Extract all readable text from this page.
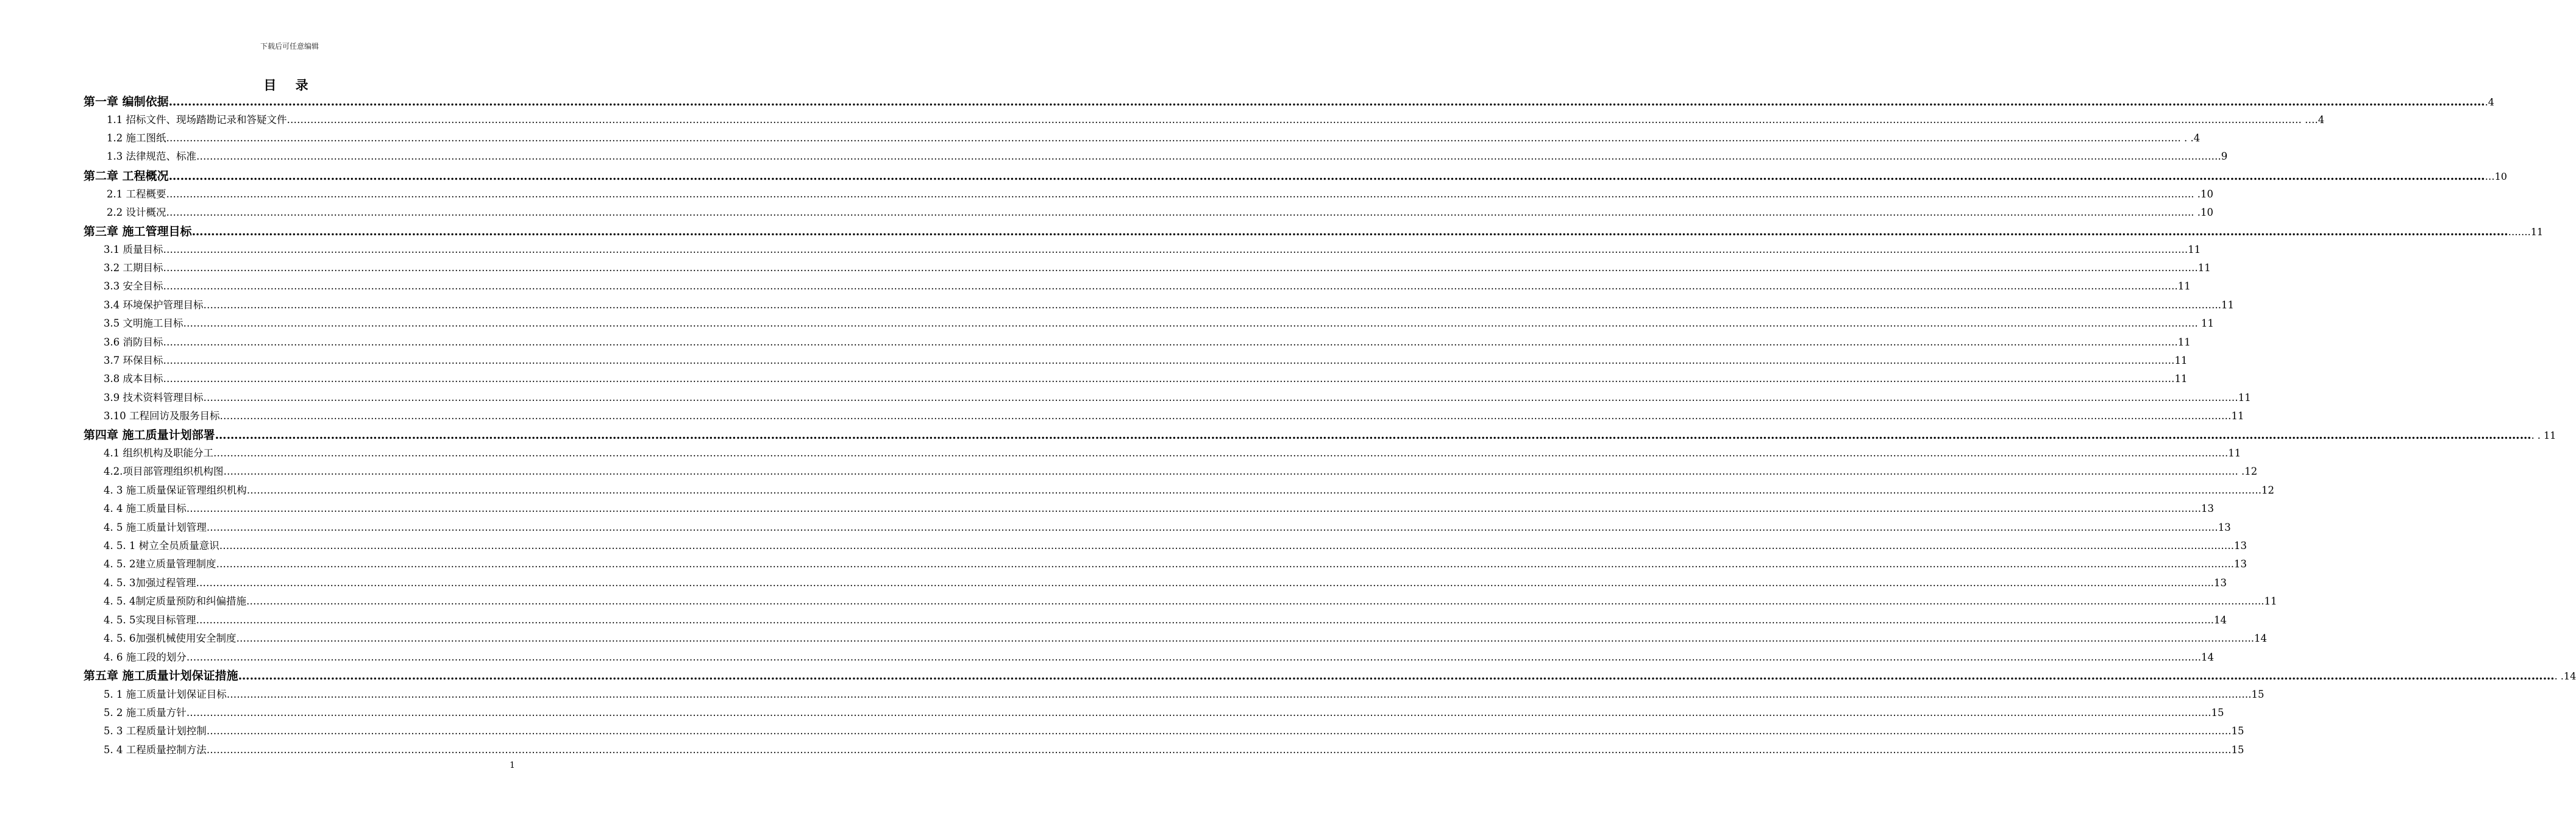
下载后可任意编辑
目 录
第一章 编制依据 …………………………………………………………………………………………………………………………………………………………………………………………………………………………………………………………………………………………………………………………………………………………………………………………………………………………………………………………………………………………………………………………………………………… .4
1.1 招标文件、现场踏勘记录和答疑文件 …………………………………………………………………………………………………………………………………………………………………………………………………………………………………………………………………………………………………………………………………………………………………………………………………………………………………………………………………………………………………………………………………………………… . ….4
1.2 施工图纸 …………………………………………………………………………………………………………………………………………………………………………………………………………………………………………………………………………………………………………………………………………………………………………………………………………………………………………………………………………………………………………………………………………………… . . .4
1.3 法律规范、标准 …………………………………………………………………………………………………………………………………………………………………………………………………………………………………………………………………………………………………………………………………………………………………………………………………………………………………………………………………………………………………………………………………………………… ….9
第二章 工程概况 …………………………………………………………………………………………………………………………………………………………………………………………………………………………………………………………………………………………………………………………………………………………………………………………………………………………………………………………………………………………………………………………………………………… …10
2.1 工程概要 …………………………………………………………………………………………………………………………………………………………………………………………………………………………………………………………………………………………………………………………………………………………………………………………………………………………………………………………………………………………………………………………………………………… ….. .10
2.2 设计概况 …………………………………………………………………………………………………………………………………………………………………………………………………………………………………………………………………………………………………………………………………………………………………………………………………………………………………………………………………………………………………………………………………………………… ….. .10
第三章 施工管理目标 …………………………………………………………………………………………………………………………………………………………………………………………………………………………………………………………………………………………………………………………………………………………………………………………………………………………………………………………………………………………………………………………………………………… …….11
3.1 质量目标 …………………………………………………………………………………………………………………………………………………………………………………………………………………………………………………………………………………………………………………………………………………………………………………………………………………………………………………………………………………………………………………………………………………… ….11
3.2 工期目标 …………………………………………………………………………………………………………………………………………………………………………………………………………………………………………………………………………………………………………………………………………………………………………………………………………………………………………………………………………………………………………………………………………………… …….11
3.3 安全目标 …………………………………………………………………………………………………………………………………………………………………………………………………………………………………………………………………………………………………………………………………………………………………………………………………………………………………………………………………………………………………………………………………………………… .11
3.4 环境保护管理目标 …………………………………………………………………………………………………………………………………………………………………………………………………………………………………………………………………………………………………………………………………………………………………………………………………………………………………………………………………………………………………………………………………………………… ..11
3.5 文明施工目标 …………………………………………………………………………………………………………………………………………………………………………………………………………………………………………………………………………………………………………………………………………………………………………………………………………………………………………………………………………………………………………………………………………………… . 11
3.6 消防目标 …………………………………………………………………………………………………………………………………………………………………………………………………………………………………………………………………………………………………………………………………………………………………………………………………………………………………………………………………………………………………………………………………………………… .11
3.7 环保目标 …………………………………………………………………………………………………………………………………………………………………………………………………………………………………………………………………………………………………………………………………………………………………………………………………………………………………………………………………………………………………………………………………………………… 11
3.8 成本目标 …………………………………………………………………………………………………………………………………………………………………………………………………………………………………………………………………………………………………………………………………………………………………………………………………………………………………………………………………………………………………………………………………………………… 11
3.9 技术资料管理目标……. …………………………………………………………………………………………………………………………………………………………………………………………………………………………………………………………………………………………………………………………………………………………………………………………………………………………………………………………………………………………………………………………………………………… 11
3.10 工程回访及服务目标 …………………………………………………………………………………………………………………………………………………………………………………………………………………………………………………………………………………………………………………………………………………………………………………………………………………………………………………………………………………………………………………………………………………… 11
第四章 施工质量计划部署 …………………………………………………………………………………………………………………………………………………………………………………………………………………………………………………………………………………………………………………………………………………………………………………………………………………………………………………………………………………………………………………………………………………… . . 11
4.1 组织机构及职能分工 …………………………………………………………………………………………………………………………………………………………………………………………………………………………………………………………………………………………………………………………………………………………………………………………………………………………………………………………………………………………………………………………………………………… .11
4.2.项目部管理组织机构图 …………………………………………………………………………………………………………………………………………………………………………………………………………………………………………………………………………………………………………………………………………………………………………………………………………………………………………………………………………………………………………………………………………………… . .12
4. 3 施工质量保证管理组织机构 …………………………………………………………………………………………………………………………………………………………………………………………………………………………………………………………………………………………………………………………………………………………………………………………………………………………………………………………………………………………………………………………………………………… .12
4. 4 施工质量目标 …………………………………………………………………………………………………………………………………………………………………………………………………………………………………………………………………………………………………………………………………………………………………………………………………………………………………………………………………………………………………………………………………………………… .13
4. 5 施工质量计划管理 …………………………………………………………………………………………………………………………………………………………………………………………………………………………………………………………………………………………………………………………………………………………………………………………………………………………………………………………………………………………………………………………………………………… 13
4. 5. 1 树立全员质量意识 …………………………………………………………………………………………………………………………………………………………………………………………………………………………………………………………………………………………………………………………………………………………………………………………………………………………………………………………………………………………………………………………………………………… .13
4. 5. 2建立质量管理制度 …………………………………………………………………………………………………………………………………………………………………………………………………………………………………………………………………………………………………………………………………………………………………………………………………………………………………………………………………………………………………………………………………………………… ..13
4. 5. 3加强过程管理 …………………………………………………………………………………………………………………………………………………………………………………………………………………………………………………………………………………………………………………………………………………………………………………………………………………………………………………………………………………………………………………………………………………… ..13
4. 5. 4制定质量预防和纠偏措施 …………………………………………………………………………………………………………………………………………………………………………………………………………………………………………………………………………………………………………………………………………………………………………………………………………………………………………………………………………………………………………………………………………………… ..11
4. 5. 5实现目标管理 …………………………………………………………………………………………………………………………………………………………………………………………………………………………………………………………………………………………………………………………………………………………………………………………………………………………………………………………………………………………………………………………………………………… ..14
4. 5. 6加强机械使用安全制度 …………………………………………………………………………………………………………………………………………………………………………………………………………………………………………………………………………………………………………………………………………………………………………………………………………………………………………………………………………………………………………………………………………………… ..14
4. 6 施工段的划分 …………………………………………………………………………………………………………………………………………………………………………………………………………………………………………………………………………………………………………………………………………………………………………………………………………………………………………………………………………………………………………………………………………………… .14
第五章 施工质量计划保证措施 …………………………………………………………………………………………………………………………………………………………………………………………………………………………………………………………………………………………………………………………………………………………………………………………………………………………………………………………………………………………………………………………………………………… . .14
5. 1 施工质量计划保证目标 …………………………………………………………………………………………………………………………………………………………………………………………………………………………………………………………………………………………………………………………………………………………………………………………………………………………………………………………………………………………………………………………………………………… ….15
5. 2 施工质量方针 …………………………………………………………………………………………………………………………………………………………………………………………………………………………………………………………………………………………………………………………………………………………………………………………………………………………………………………………………………………………………………………………………………………… ….15
5. 3 工程质量计划控制 …………………………………………………………………………………………………………………………………………………………………………………………………………………………………………………………………………………………………………………………………………………………………………………………………………………………………………………………………………………………………………………………………………………… ….15
5. 4 工程质量控制方法 …………………………………………………………………………………………………………………………………………………………………………………………………………………………………………………………………………………………………………………………………………………………………………………………………………………………………………………………………………………………………………………………………………………… ….15
1
